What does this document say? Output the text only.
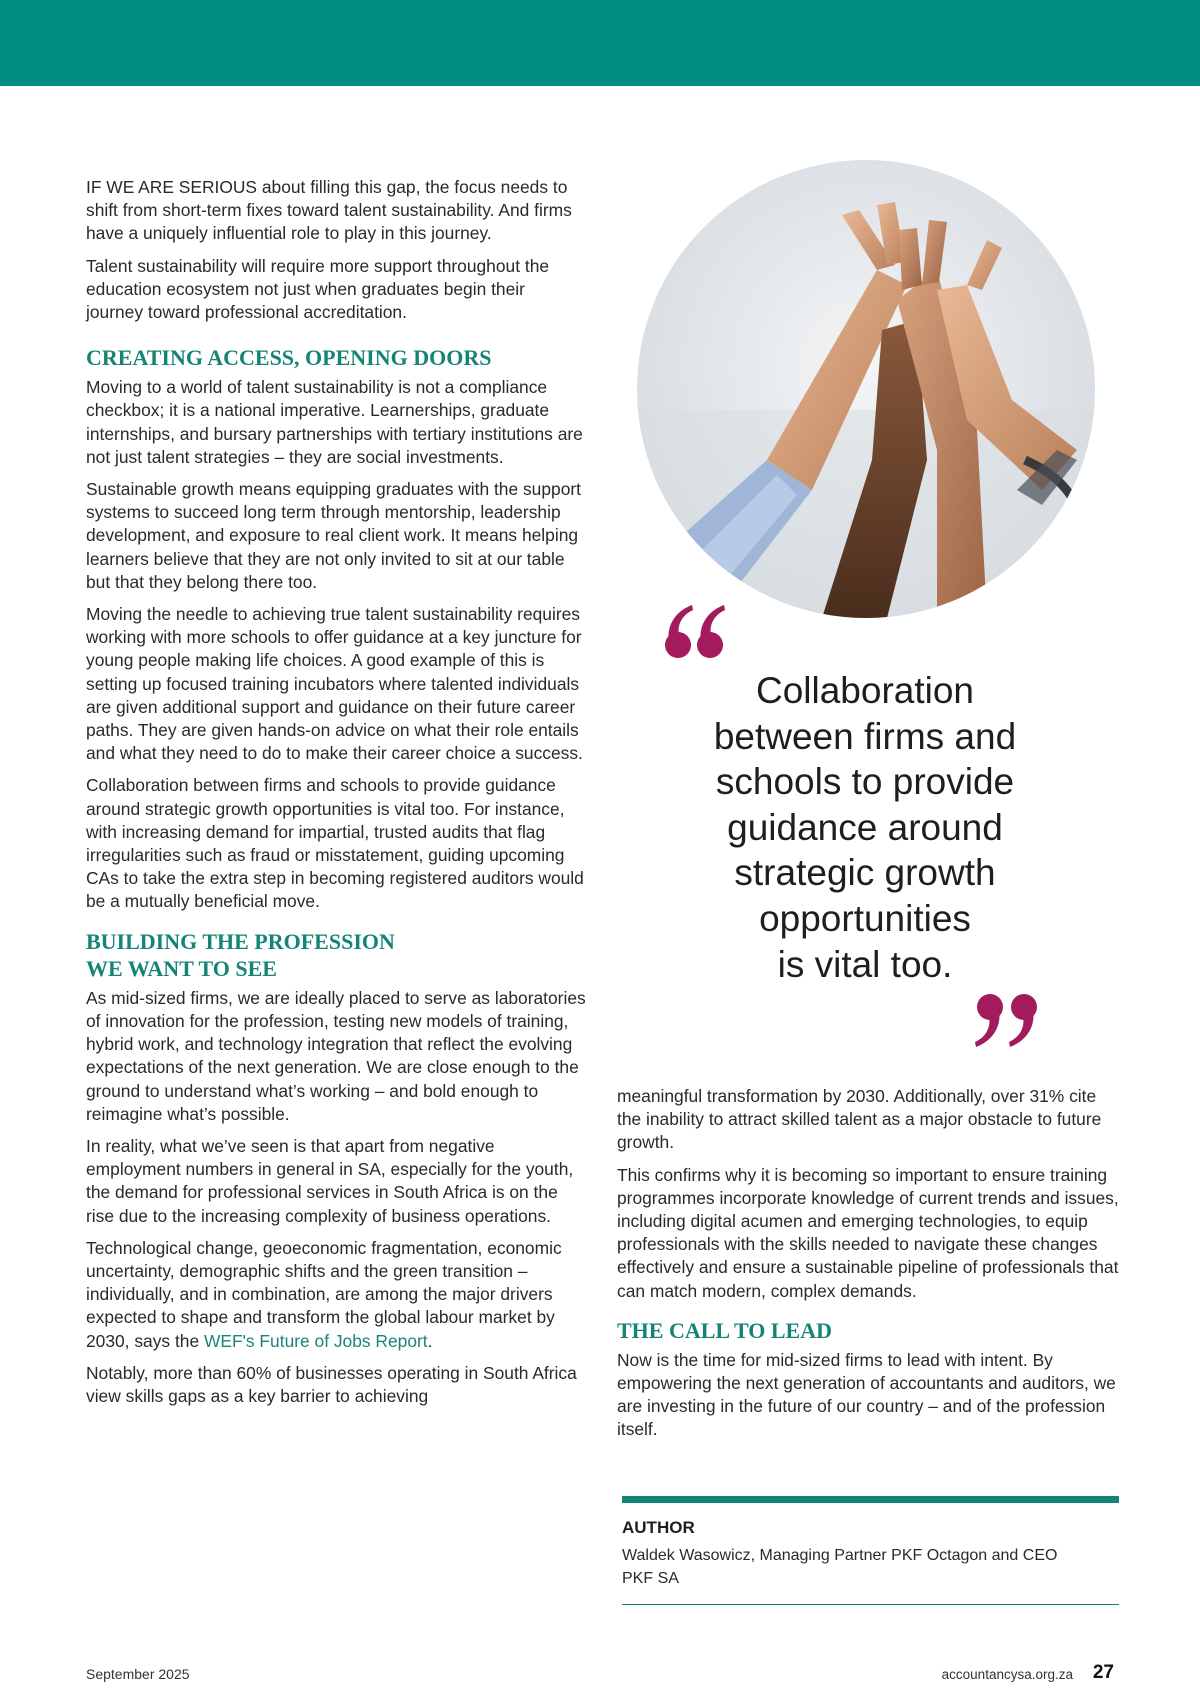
IF WE ARE SERIOUS about filling this gap, the focus needs to shift from short-term fixes toward talent sustainability. And firms have a uniquely influential role to play in this journey.

Talent sustainability will require more support throughout the education ecosystem not just when graduates begin their journey toward professional accreditation.

CREATING ACCESS, OPENING DOORS

Moving to a world of talent sustainability is not a compliance checkbox; it is a national imperative. Learnerships, graduate internships, and bursary partnerships with tertiary institutions are not just talent strategies – they are social investments.

Sustainable growth means equipping graduates with the support systems to succeed long term through mentorship, leadership development, and exposure to real client work. It means helping learners believe that they are not only invited to sit at our table but that they belong there too.

Moving the needle to achieving true talent sustainability requires working with more schools to offer guidance at a key juncture for young people making life choices. A good example of this is setting up focused training incubators where talented individuals are given additional support and guidance on their future career paths. They are given hands-on advice on what their role entails and what they need to do to make their career choice a success.

Collaboration between firms and schools to provide guidance around strategic growth opportunities is vital too. For instance, with increasing demand for impartial, trusted audits that flag irregularities such as fraud or misstatement, guiding upcoming CAs to take the extra step in becoming registered auditors would be a mutually beneficial move.

BUILDING THE PROFESSION
WE WANT TO SEE

As mid-sized firms, we are ideally placed to serve as laboratories of innovation for the profession, testing new models of training, hybrid work, and technology integration that reflect the evolving expectations of the next generation. We are close enough to the ground to understand what’s working – and bold enough to reimagine what’s possible.

In reality, what we’ve seen is that apart from negative employment numbers in general in SA, especially for the youth, the demand for professional services in South Africa is on the rise due to the increasing complexity of business operations.

Technological change, geoeconomic fragmentation, economic uncertainty, demographic shifts and the green transition – individually, and in combination, are among the major drivers expected to shape and transform the global labour market by 2030, says the WEF's Future of Jobs Report.

Notably, more than 60% of businesses operating in South Africa view skills gaps as a key barrier to achieving

Collaboration
between firms and
schools to provide
guidance around
strategic growth
opportunities
is vital too.

meaningful transformation by 2030. Additionally, over 31% cite the inability to attract skilled talent as a major obstacle to future growth.

This confirms why it is becoming so important to ensure training programmes incorporate knowledge of current trends and issues, including digital acumen and emerging technologies, to equip professionals with the skills needed to navigate these changes effectively and ensure a sustainable pipeline of professionals that can match modern, complex demands.

THE CALL TO LEAD

Now is the time for mid-sized firms to lead with intent. By empowering the next generation of accountants and auditors, we are investing in the future of our country – and of the profession itself.

AUTHOR
Waldek Wasowicz, Managing Partner PKF Octagon and CEO PKF SA
September 2025	accountancysa.org.za 27
